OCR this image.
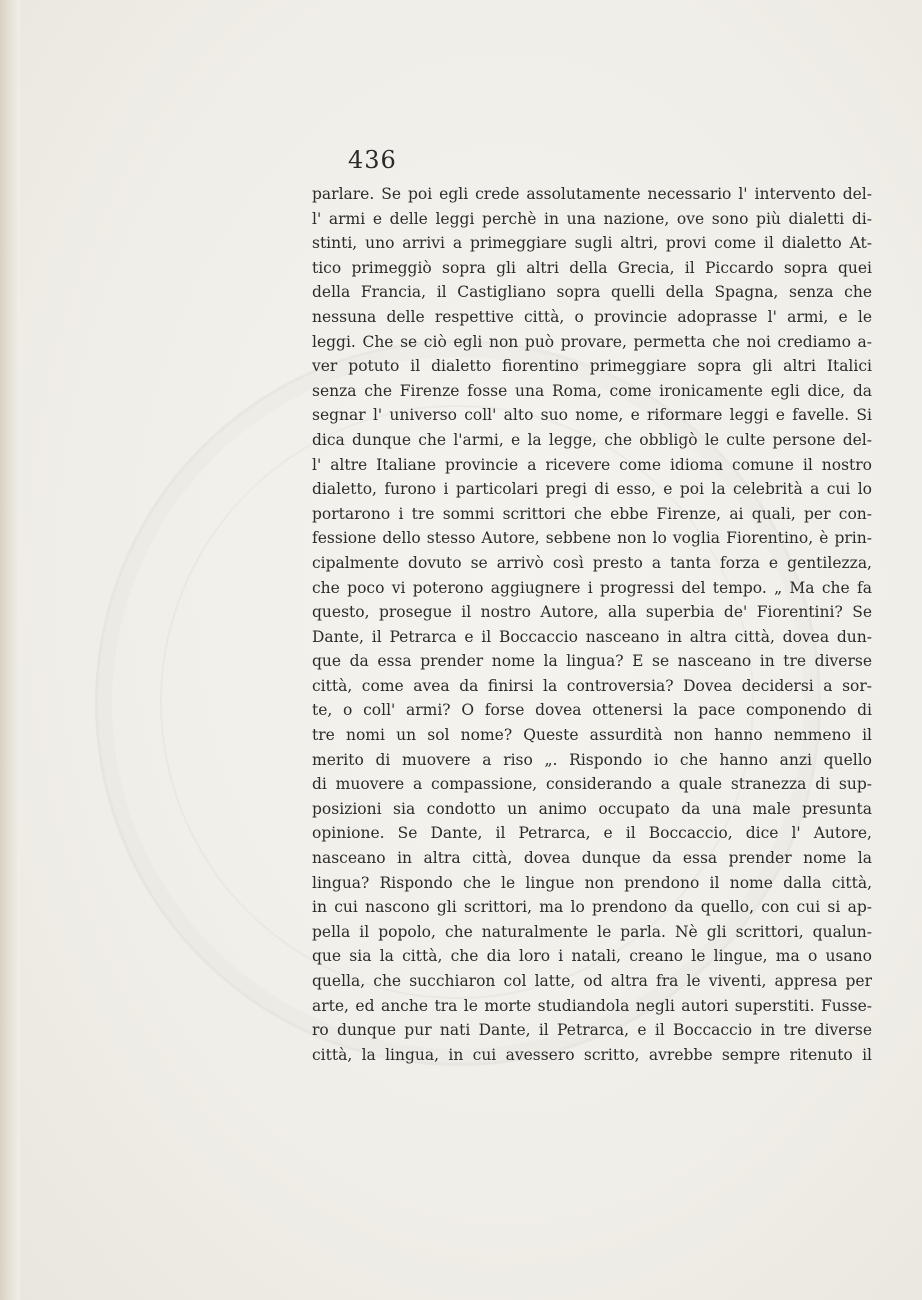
436
parlare. Se poi egli crede assolutamente necessario l' intervento del-
l' armi e delle leggi perchè in una nazione, ove sono più dialetti di-
stinti, uno arrivi a primeggiare sugli altri, provi come il dialetto At-
tico primeggiò sopra gli altri della Grecia, il Piccardo sopra quei
della Francia, il Castigliano sopra quelli della Spagna, senza che
nessuna delle respettive città, o provincie adoprasse l' armi, e le
leggi. Che se ciò egli non può provare, permetta che noi crediamo a-
ver potuto il dialetto fiorentino primeggiare sopra gli altri Italici
senza che Firenze fosse una Roma, come ironicamente egli dice, da
segnar l' universo coll' alto suo nome, e riformare leggi e favelle. Si
dica dunque che l'armi, e la legge, che obbligò le culte persone del-
l' altre Italiane provincie a ricevere come idioma comune il nostro
dialetto, furono i particolari pregi di esso, e poi la celebrità a cui lo
portarono i tre sommi scrittori che ebbe Firenze, ai quali, per con-
fessione dello stesso Autore, sebbene non lo voglia Fiorentino, è prin-
cipalmente dovuto se arrivò così presto a tanta forza e gentilezza,
che poco vi poterono aggiugnere i progressi del tempo. „ Ma che fa
questo, prosegue il nostro Autore, alla superbia de' Fiorentini? Se
Dante, il Petrarca e il Boccaccio nasceano in altra città, dovea dun-
que da essa prender nome la lingua? E se nasceano in tre diverse
città, come avea da finirsi la controversia? Dovea decidersi a sor-
te, o coll' armi? O forse dovea ottenersi la pace componendo di
tre nomi un sol nome? Queste assurdità non hanno nemmeno il
merito di muovere a riso „. Rispondo io che hanno anzi quello
di muovere a compassione, considerando a quale stranezza di sup-
posizioni sia condotto un animo occupato da una male presunta
opinione. Se Dante, il Petrarca, e il Boccaccio, dice l' Autore,
nasceano in altra città, dovea dunque da essa prender nome la
lingua? Rispondo che le lingue non prendono il nome dalla città,
in cui nascono gli scrittori, ma lo prendono da quello, con cui si ap-
pella il popolo, che naturalmente le parla. Nè gli scrittori, qualun-
que sia la città, che dia loro i natali, creano le lingue, ma o usano
quella, che succhiaron col latte, od altra fra le viventi, appresa per
arte, ed anche tra le morte studiandola negli autori superstiti. Fusse-
ro dunque pur nati Dante, il Petrarca, e il Boccaccio in tre diverse
città, la lingua, in cui avessero scritto, avrebbe sempre ritenuto il
